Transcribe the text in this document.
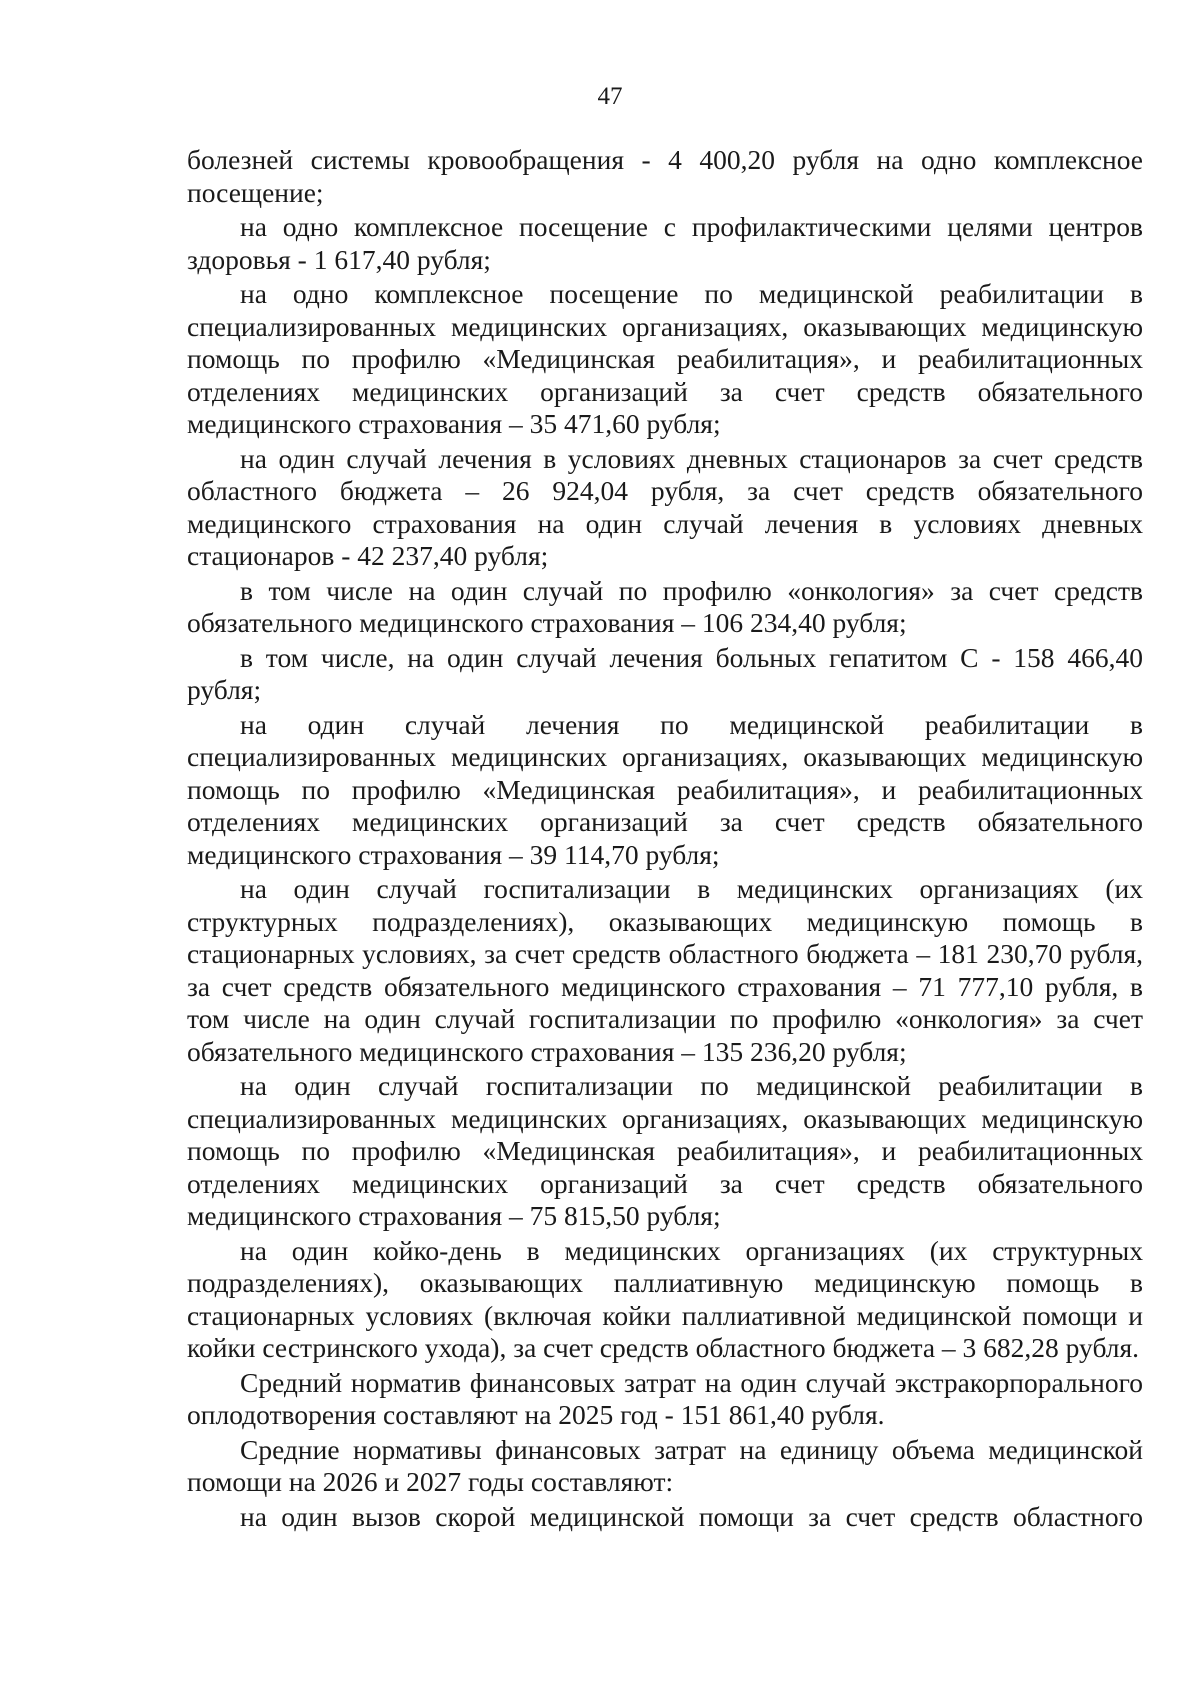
47

болезней системы кровообращения - 4 400,20 рубля на одно комплексное посещение;

на одно комплексное посещение с профилактическими целями центров здоровья - 1 617,40 рубля;

на одно комплексное посещение по медицинской реабилитации в специализированных медицинских организациях, оказывающих медицинскую помощь по профилю «Медицинская реабилитация», и реабилитационных отделениях медицинских организаций за счет средств обязательного медицинского страхования – 35 471,60 рубля;

на один случай лечения в условиях дневных стационаров за счет средств областного бюджета – 26 924,04 рубля, за счет средств обязательного медицинского страхования на один случай лечения в условиях дневных стационаров - 42 237,40 рубля;

в том числе на один случай по профилю «онкология» за счет средств обязательного медицинского страхования – 106 234,40 рубля;

в том числе, на один случай лечения больных гепатитом С - 158 466,40 рубля;

на один случай лечения по медицинской реабилитации в специализированных медицинских организациях, оказывающих медицинскую помощь по профилю «Медицинская реабилитация», и реабилитационных отделениях медицинских организаций за счет средств обязательного медицинского страхования – 39 114,70 рубля;

на один случай госпитализации в медицинских организациях (их структурных подразделениях), оказывающих медицинскую помощь в стационарных условиях, за счет средств областного бюджета – 181 230,70 рубля, за счет средств обязательного медицинского страхования – 71 777,10 рубля, в том числе на один случай госпитализации по профилю «онкология» за счет обязательного медицинского страхования – 135 236,20 рубля;

на один случай госпитализации по медицинской реабилитации в специализированных медицинских организациях, оказывающих медицинскую помощь по профилю «Медицинская реабилитация», и реабилитационных отделениях медицинских организаций за счет средств обязательного медицинского страхования – 75 815,50 рубля;

на один койко-день в медицинских организациях (их структурных подразделениях), оказывающих паллиативную медицинскую помощь в стационарных условиях (включая койки паллиативной медицинской помощи и койки сестринского ухода), за счет средств областного бюджета – 3 682,28 рубля.

Средний норматив финансовых затрат на один случай экстракорпорального оплодотворения составляют на 2025 год - 151 861,40 рубля.

Средние нормативы финансовых затрат на единицу объема медицинской помощи на 2026 и 2027 годы составляют:

на один вызов скорой медицинской помощи за счет средств областного
